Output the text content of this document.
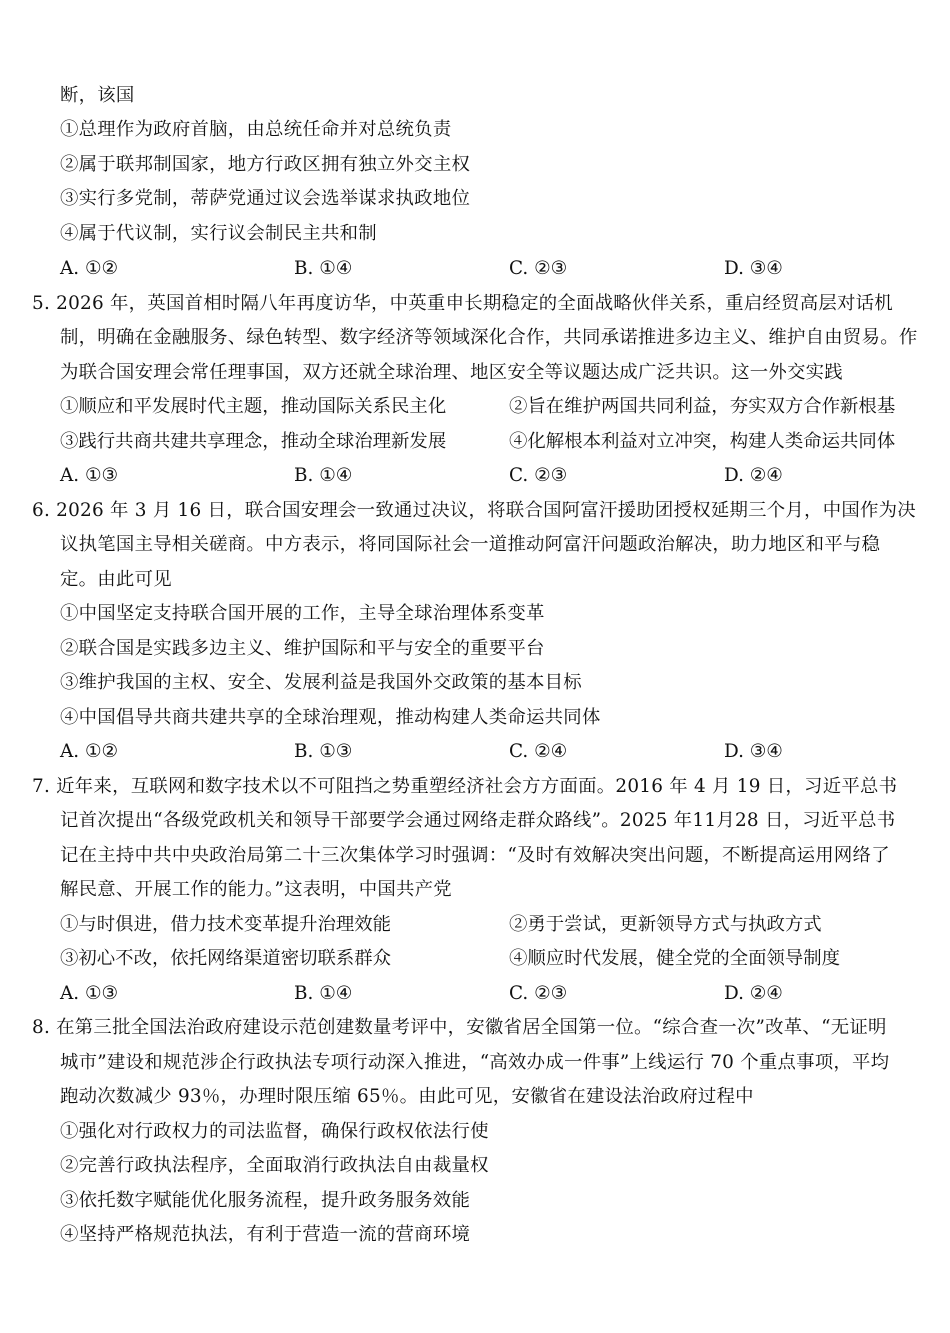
断，该国
①总理作为政府首脑，由总统任命并对总统负责
②属于联邦制国家，地方行政区拥有独立外交主权
③实行多党制，蒂萨党通过议会选举谋求执政地位
④属于代议制，实行议会制民主共和制
A. ①②	B. ①④	C. ②③	D. ③④
5. 2026 年，英国首相时隔八年再度访华，中英重申长期稳定的全面战略伙伴关系，重启经贸高层对话机
制，明确在金融服务、绿色转型、数字经济等领域深化合作，共同承诺推进多边主义、维护自由贸易。作
为联合国安理会常任理事国，双方还就全球治理、地区安全等议题达成广泛共识。这一外交实践
①顺应和平发展时代主题，推动国际关系民主化	②旨在维护两国共同利益，夯实双方合作新根基
③践行共商共建共享理念，推动全球治理新发展	④化解根本利益对立冲突，构建人类命运共同体
A. ①③	B. ①④	C. ②③	D. ②④
6. 2026 年 3 月 16 日，联合国安理会一致通过决议，将联合国阿富汗援助团授权延期三个月，中国作为决
议执笔国主导相关磋商。中方表示，将同国际社会一道推动阿富汗问题政治解决，助力地区和平与稳
定。由此可见
①中国坚定支持联合国开展的工作，主导全球治理体系变革
②联合国是实践多边主义、维护国际和平与安全的重要平台
③维护我国的主权、安全、发展利益是我国外交政策的基本目标
④中国倡导共商共建共享的全球治理观，推动构建人类命运共同体
A. ①②	B. ①③	C. ②④	D. ③④
7. 近年来，互联网和数字技术以不可阻挡之势重塑经济社会方方面面。2016 年 4 月 19 日，习近平总书
记首次提出“各级党政机关和领导干部要学会通过网络走群众路线”。2025 年11月28 日，习近平总书
记在主持中共中央政治局第二十三次集体学习时强调：“及时有效解决突出问题，不断提高运用网络了
解民意、开展工作的能力。”这表明，中国共产党
①与时俱进，借力技术变革提升治理效能	②勇于尝试，更新领导方式与执政方式
③初心不改，依托网络渠道密切联系群众	④顺应时代发展，健全党的全面领导制度
A. ①③	B. ①④	C. ②③	D. ②④
8. 在第三批全国法治政府建设示范创建数量考评中，安徽省居全国第一位。“综合查一次”改革、“无证明
城市”建设和规范涉企行政执法专项行动深入推进，“高效办成一件事”上线运行 70 个重点事项，平均
跑动次数减少 93％，办理时限压缩 65％。由此可见，安徽省在建设法治政府过程中
①强化对行政权力的司法监督，确保行政权依法行使
②完善行政执法程序，全面取消行政执法自由裁量权
③依托数字赋能优化服务流程，提升政务服务效能
④坚持严格规范执法，有利于营造一流的营商环境
